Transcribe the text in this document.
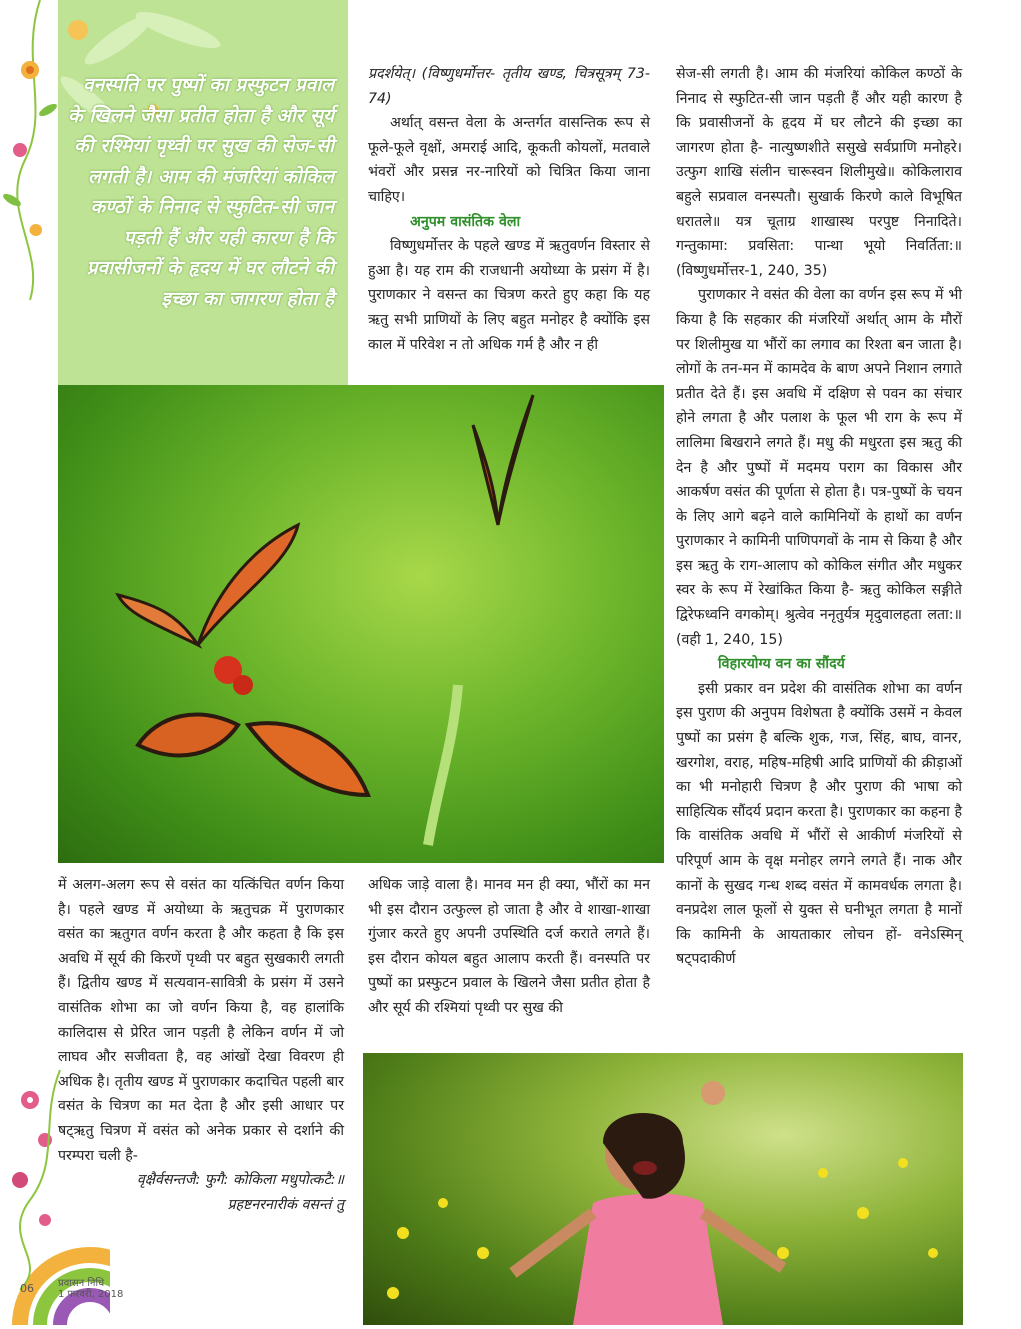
वनस्पति पर पुष्पों का प्रस्फुटन प्रवाल के खिलने जैसा प्रतीत होता है और सूर्य की रश्मियां पृथ्वी पर सुख की सेज-सी लगती है। आम की मंजरियां कोकिल कण्ठों के निनाद से स्फुटित-सी जान पड़ती हैं और यही कारण है कि प्रवासीजनों के हृदय में घर लौटने की इच्छा का जागरण होता है

प्रदर्शयेत्। (विष्णुधर्मोत्तर- तृतीय खण्ड, चित्रसूत्रम् 73-74)

अर्थात् वसन्त वेला के अन्तर्गत वासन्तिक रूप से फूले-फूले वृक्षों, अमराई आदि, कूकती कोयलों, मतवाले भंवरों और प्रसन्न नर-नारियों को चित्रित किया जाना चाहिए।

अनुपम वासंतिक वेला

विष्णुधर्मोत्तर के पहले खण्ड में ऋतुवर्णन विस्तार से हुआ है। यह राम की राजधानी अयोध्या के प्रसंग में है। पुराणकार ने वसन्त का चित्रण करते हुए कहा कि यह ऋतु सभी प्राणियों के लिए बहुत मनोहर है क्योंकि इस काल में परिवेश न तो अधिक गर्म है और न ही

सेज-सी लगती है। आम की मंजरियां कोकिल कण्ठों के निनाद से स्फुटित-सी जान पड़ती हैं और यही कारण है कि प्रवासीजनों के हृदय में घर लौटने की इच्छा का जागरण होता है- नात्युष्णशीते ससुखे सर्वप्राणि मनोहरे। उत्फुग शाखि संलीन चारूस्वन शिलीमुखे॥ कोकिलाराव बहुले सप्रवाल वनस्पतौ। सुखार्क किरणे काले विभूषित धरातले॥ यत्र चूताग्र शाखास्थ परपुष्ट निनादिते। गन्तुकामा: प्रवसिता: पान्था भूयो निवर्तिता:॥ (विष्णुधर्मोत्तर-1, 240, 35)

पुराणकार ने वसंत की वेला का वर्णन इस रूप में भी किया है कि सहकार की मंजरियों अर्थात् आम के मौरों पर शिलीमुख या भौंरों का लगाव का रिश्ता बन जाता है। लोगों के तन-मन में कामदेव के बाण अपने निशान लगाते प्रतीत देते हैं। इस अवधि में दक्षिण से पवन का संचार होने लगता है और पलाश के फूल भी राग के रूप में लालिमा बिखराने लगते हैं। मधु की मधुरता इस ऋतु की देन है और पुष्पों में मदमय पराग का विकास और आकर्षण वसंत की पूर्णता से होता है। पत्र-पुष्पों के चयन के लिए आगे बढ़ने वाले कामिनियों के हाथों का वर्णन पुराणकार ने कामिनी पाणिपगवों के नाम से किया है और इस ऋतु के राग-आलाप को कोकिल संगीत और मधुकर स्वर के रूप में रेखांकित किया है- ऋतु कोकिल सङ्गीते द्विरेफध्वनि वगकोम्। श्रुत्वेव ननृतुर्यत्र मृदुवालहता लता:॥ (वही 1, 240, 15)

विहारयोग्य वन का सौंदर्य

इसी प्रकार वन प्रदेश की वासंतिक शोभा का वर्णन इस पुराण की अनुपम विशेषता है क्योंकि उसमें न केवल पुष्पों का प्रसंग है बल्कि शुक, गज, सिंह, बाघ, वानर, खरगोश, वराह, महिष-महिषी आदि प्राणियों की क्रीड़ाओं का भी मनोहारी चित्रण है और पुराण की भाषा को साहित्यिक सौंदर्य प्रदान करता है। पुराणकार का कहना है कि वासंतिक अवधि में भौंरों से आकीर्ण मंजरियों से परिपूर्ण आम के वृक्ष मनोहर लगने लगते हैं। नाक और कानों के सुखद गन्ध शब्द वसंत में कामवर्धक लगता है। वनप्रदेश लाल फूलों से युक्त से घनीभूत लगता है मानों कि कामिनी के आयताकार लोचन हों- वनेऽस्मिन् षट्पदाकीर्ण

में अलग-अलग रूप से वसंत का यत्किंचित वर्णन किया है। पहले खण्ड में अयोध्या के ऋतुचक्र में पुराणकार वसंत का ऋतुगत वर्णन करता है और कहता है कि इस अवधि में सूर्य की किरणें पृथ्वी पर बहुत सुखकारी लगती हैं। द्वितीय खण्ड में सत्यवान-सावित्री के प्रसंग में उसने वासंतिक शोभा का जो वर्णन किया है, वह हालांकि कालिदास से प्रेरित जान पड़ती है लेकिन वर्णन में जो लाघव और सजीवता है, वह आंखों देखा विवरण ही अधिक है। तृतीय खण्ड में पुराणकार कदाचित पहली बार वसंत के चित्रण का मत देता है और इसी आधार पर षट्ऋतु चित्रण में वसंत को अनेक प्रकार से दर्शाने की परम्परा चली है-

वृक्षैर्वसन्तजै: फुगै: कोकिला मधुपोत्कटै:॥

प्रहष्टनरनारीकं वसन्तं तु

अधिक जाड़े वाला है। मानव मन ही क्या, भौंरों का मन भी इस दौरान उत्फुल्ल हो जाता है और वे शाखा-शाखा गुंजार करते हुए अपनी उपस्थिति दर्ज कराते लगते हैं। इस दौरान कोयल बहुत आलाप करती हैं। वनस्पति पर पुष्पों का प्रस्फुटन प्रवाल के खिलने जैसा प्रतीत होता है और सूर्य की रश्मियां पृथ्वी पर सुख की

06 प्रवासन निधि
1 फरवरी, 2018
